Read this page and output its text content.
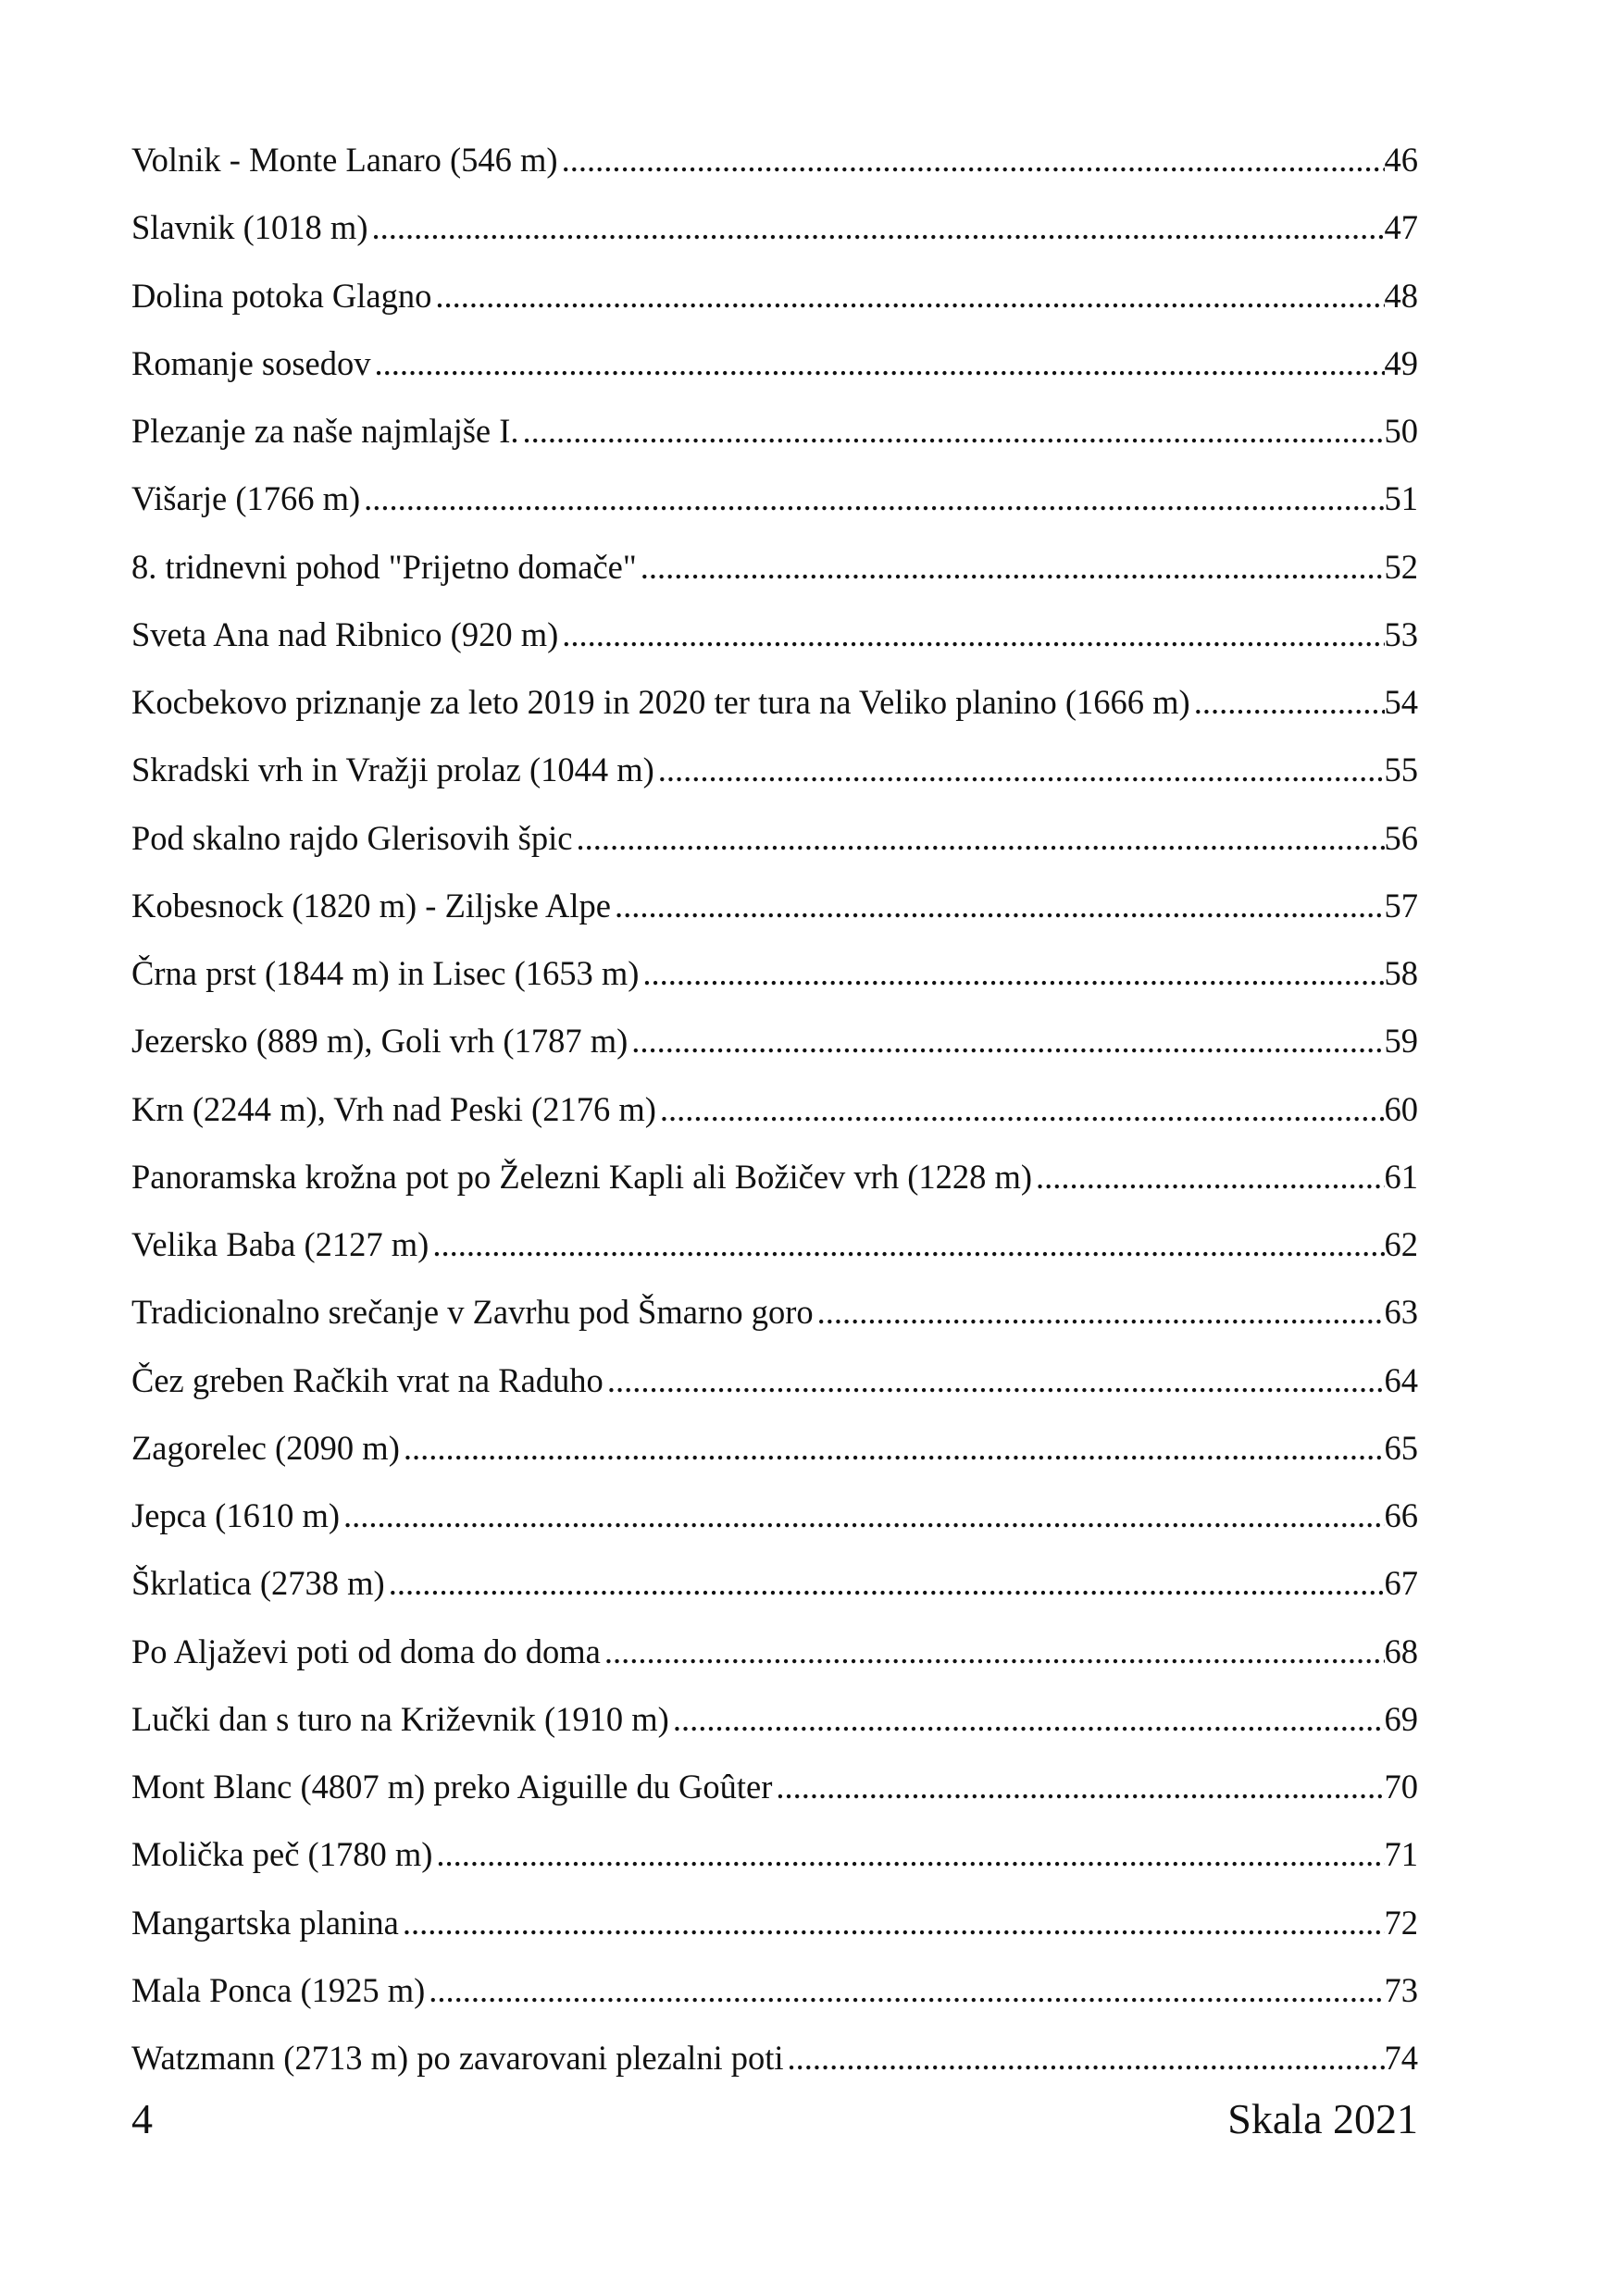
Volnik - Monte Lanaro (546 m) .....	46
Slavnik (1018 m) .....	47
Dolina potoka Glagno .....	48
Romanje sosedov .....	49
Plezanje za naše najmlajše I. .....	50
Višarje (1766 m) .....	51
8. tridnevni pohod "Prijetno domače" .....	52
Sveta Ana nad Ribnico (920 m) .....	53
Kocbekovo priznanje za leto 2019 in 2020 ter tura na Veliko planino (1666 m) .....	54
Skradski vrh in Vražji prolaz (1044 m) .....	55
Pod skalno rajdo Glerisovih špic .....	56
Kobesnock (1820 m) - Ziljske Alpe .....	57
Črna prst (1844 m) in Lisec (1653 m) .....	58
Jezersko (889 m), Goli vrh (1787 m) .....	59
Krn (2244 m), Vrh nad Peski (2176 m) .....	60
Panoramska krožna pot po Železni Kapli ali Božičev vrh (1228 m) .....	61
Velika Baba (2127 m) .....	62
Tradicionalno srečanje v Zavrhu pod Šmarno goro .....	63
Čez greben Račkih vrat na Raduho .....	64
Zagorelec (2090 m) .....	65
Jepca (1610 m) .....	66
Škrlatica (2738 m) .....	67
Po Aljaževi poti od doma do doma .....	68
Lučki dan s turo na Križevnik (1910 m) .....	69
Mont Blanc (4807 m) preko Aiguille du Goûter .....	70
Molička peč (1780 m) .....	71
Mangartska planina .....	72
Mala Ponca (1925 m) .....	73
Watzmann (2713 m) po zavarovani plezalni poti .....	74
4	Skala 2021
